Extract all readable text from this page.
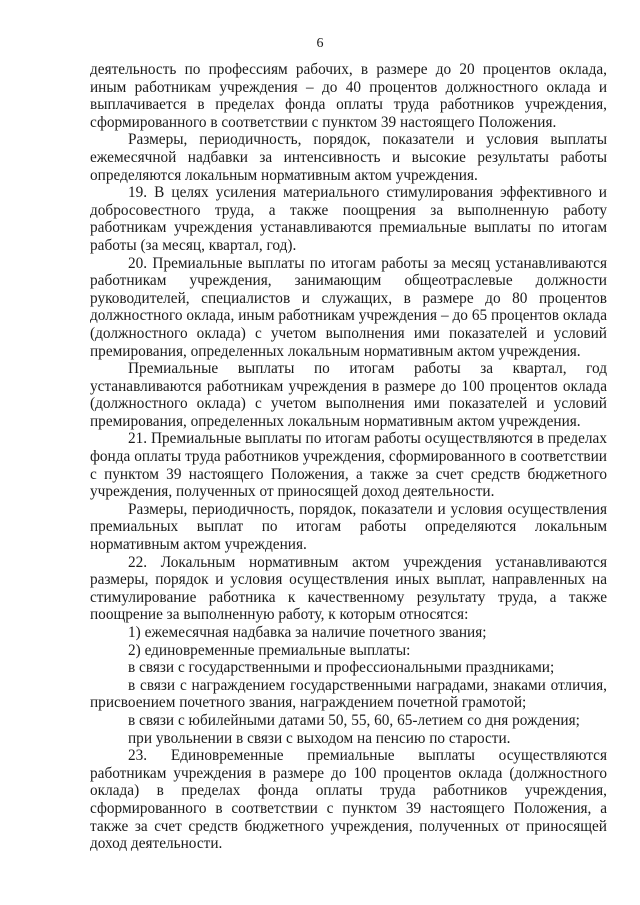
6

деятельность по профессиям рабочих, в размере до 20 процентов оклада, иным работникам учреждения – до 40 процентов должностного оклада и выплачивается в пределах фонда оплаты труда работников учреждения, сформированного в соответствии с пунктом 39 настоящего Положения.

Размеры, периодичность, порядок, показатели и условия выплаты ежемесячной надбавки за интенсивность и высокие результаты работы определяются локальным нормативным актом учреждения.

19. В целях усиления материального стимулирования эффективного и добросовестного труда, а также поощрения за выполненную работу работникам учреждения устанавливаются премиальные выплаты по итогам работы (за месяц, квартал, год).

20. Премиальные выплаты по итогам работы за месяц устанавливаются работникам учреждения, занимающим общеотраслевые должности руководителей, специалистов и служащих, в размере до 80 процентов должностного оклада, иным работникам учреждения – до 65 процентов оклада (должностного оклада) с учетом выполнения ими показателей и условий премирования, определенных локальным нормативным актом учреждения.

Премиальные выплаты по итогам работы за квартал, год устанавливаются работникам учреждения в размере до 100 процентов оклада (должностного оклада) с учетом выполнения ими показателей и условий премирования, определенных локальным нормативным актом учреждения.

21. Премиальные выплаты по итогам работы осуществляются в пределах фонда оплаты труда работников учреждения, сформированного в соответствии с пунктом 39 настоящего Положения, а также за счет средств бюджетного учреждения, полученных от приносящей доход деятельности.

Размеры, периодичность, порядок, показатели и условия осуществления премиальных выплат по итогам работы определяются локальным нормативным актом учреждения.

22. Локальным нормативным актом учреждения устанавливаются размеры, порядок и условия осуществления иных выплат, направленных на стимулирование работника к качественному результату труда, а также поощрение за выполненную работу, к которым относятся:

1) ежемесячная надбавка за наличие почетного звания;

2) единовременные премиальные выплаты:

в связи с государственными и профессиональными праздниками;

в связи с награждением государственными наградами, знаками отличия, присвоением почетного звания, награждением почетной грамотой;

в связи с юбилейными датами 50, 55, 60, 65-летием со дня рождения;

при увольнении в связи с выходом на пенсию по старости.

23. Единовременные премиальные выплаты осуществляются работникам учреждения в размере до 100 процентов оклада (должностного оклада) в пределах фонда оплаты труда работников учреждения, сформированного в соответствии с пунктом 39 настоящего Положения, а также за счет средств бюджетного учреждения, полученных от приносящей доход деятельности.
